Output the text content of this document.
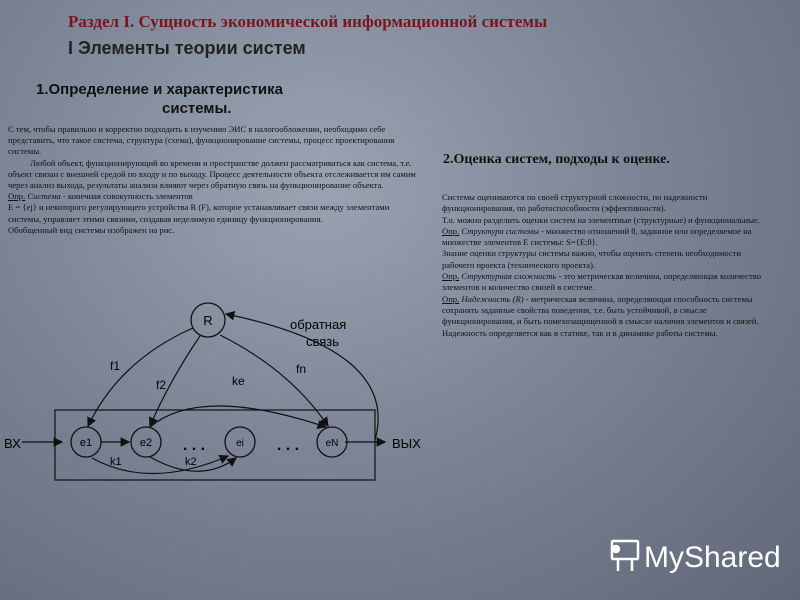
Раздел I. Сущность экономической информационной системы
I Элементы теории систем
1.Определение и характеристика
системы.

С тем, чтобы правильно и корректно подходить к изучению ЭИС в налогообложении, необходимо себе представить, что такое система, структура (схема), функционирование системы, процесс проектирования системы.

Любой объект, функционирующий во времени и пространстве должен рассматриваться как система, т.е. объект связан с внешней средой по входу и по выходу. Процесс деятельности объекта отслеживается им самим через анализ выхода, результаты анализа влияют через обратную связь на функционирование объекта.

Опр. Система - конечная совокупность элементов

E = {ej} и некоторого регулирующего устройства R (F), которое устанавливает связи между элементами системы, управляет этими связями, создавая неделимую единицу функционирования.

Обобщенный вид системы изображен на рис.

ВХ	ВЫХ
e1	e2	ei	eN
. . .	. . .
k1	k2
R
f1
f2	ke
fn
обратная
связь
2.Оценка систем, подходы к оценке.

Системы оцениваются по своей структурной сложности, по надежности функционирования, по работоспособности (эффективности).

Т.о. можно разделить оценки систем на элементные (структурные) и функциональные.

Опр. Структура системы - множество отношений θ, заданное или определяемое на множестве элементов E системы: S={E;θ}.

Знание оценки структуры системы важно, чтобы оценить степень необходимости рабочего проекта (технического проекта).

Опр. Структурная сложность - это метрическая величина, определяющая количество элементов и количество связей в системе.

Опр. Надежность (R) - метрическая величина, определяющая способность системы сохранять заданные свойства поведения, т.е. быть устойчивой, в смысле функционирования, и быть помехозащищенной в смысле наличия элементов и связей.

Надежность определяется как в статике, так и в динамике работы системы.

MyShared
